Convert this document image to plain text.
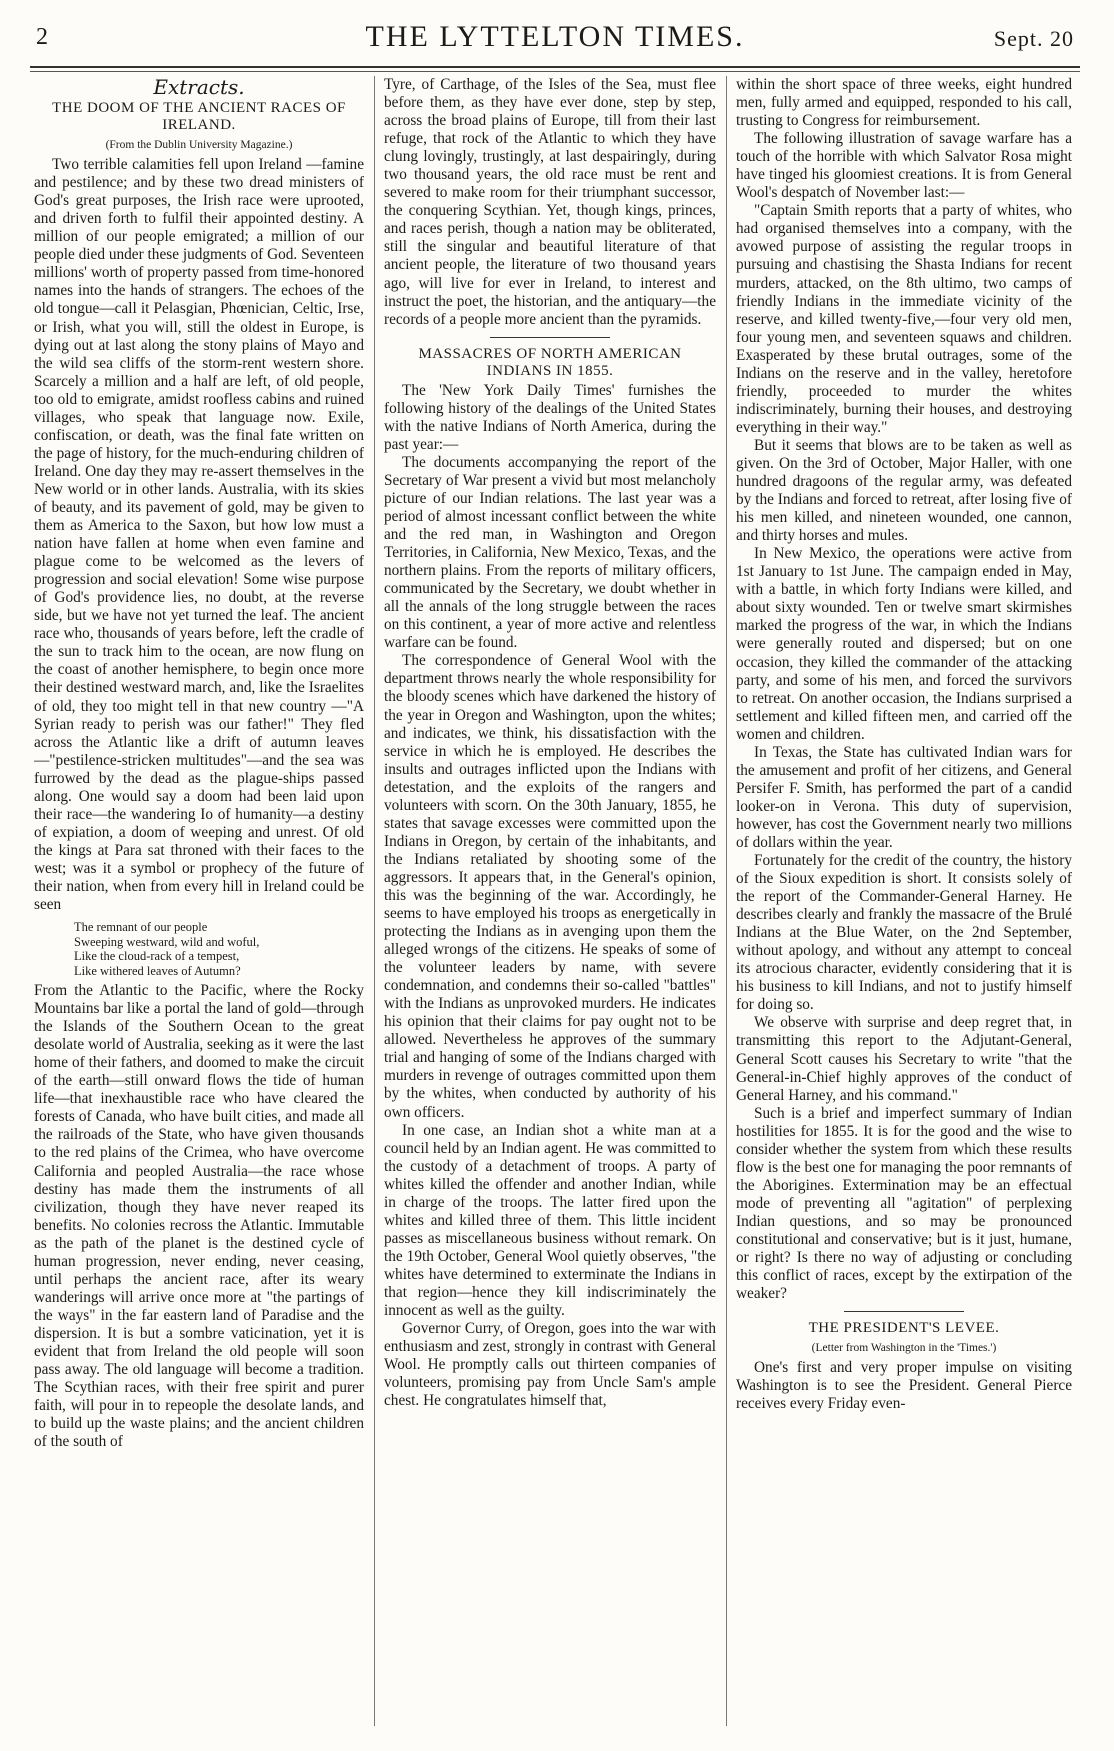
2	THE LYTTELTON TIMES.	Sept. 20
Extracts.
THE DOOM OF THE ANCIENT RACES OF IRELAND.
(From the Dublin University Magazine.)

Two terrible calamities fell upon Ireland —famine and pestilence; and by these two dread ministers of God's great purposes, the Irish race were uprooted, and driven forth to fulfil their appointed destiny. A million of our people emigrated; a million of our people died under these judgments of God. Seventeen millions' worth of property passed from time-honored names into the hands of strangers. The echoes of the old tongue—call it Pelasgian, Phœnician, Celtic, Irse, or Irish, what you will, still the oldest in Europe, is dying out at last along the stony plains of Mayo and the wild sea cliffs of the storm-rent western shore. Scarcely a million and a half are left, of old people, too old to emigrate, amidst roofless cabins and ruined villages, who speak that language now. Exile, confiscation, or death, was the final fate written on the page of history, for the much-enduring children of Ireland. One day they may re-assert themselves in the New world or in other lands. Australia, with its skies of beauty, and its pavement of gold, may be given to them as America to the Saxon, but how low must a nation have fallen at home when even famine and plague come to be welcomed as the levers of progression and social elevation! Some wise purpose of God's providence lies, no doubt, at the reverse side, but we have not yet turned the leaf. The ancient race who, thousands of years before, left the cradle of the sun to track him to the ocean, are now flung on the coast of another hemisphere, to begin once more their destined westward march, and, like the Israelites of old, they too might tell in that new country —"A Syrian ready to perish was our father!" They fled across the Atlantic like a drift of autumn leaves—"pestilence-stricken multitudes"—and the sea was furrowed by the dead as the plague-ships passed along. One would say a doom had been laid upon their race—the wandering Io of humanity—a destiny of expiation, a doom of weeping and unrest. Of old the kings at Para sat throned with their faces to the west; was it a symbol or prophecy of the future of their nation, when from every hill in Ireland could be seen

The remnant of our people
Sweeping westward, wild and woful,
Like the cloud-rack of a tempest,
Like withered leaves of Autumn?

From the Atlantic to the Pacific, where the Rocky Mountains bar like a portal the land of gold—through the Islands of the Southern Ocean to the great desolate world of Australia, seeking as it were the last home of their fathers, and doomed to make the circuit of the earth—still onward flows the tide of human life—that inexhaustible race who have cleared the forests of Canada, who have built cities, and made all the railroads of the State, who have given thousands to the red plains of the Crimea, who have overcome California and peopled Australia—the race whose destiny has made them the instruments of all civilization, though they have never reaped its benefits. No colonies recross the Atlantic. Immutable as the path of the planet is the destined cycle of human progression, never ending, never ceasing, until perhaps the ancient race, after its weary wanderings will arrive once more at "the partings of the ways" in the far eastern land of Paradise and the dispersion. It is but a sombre vaticination, yet it is evident that from Ireland the old people will soon pass away. The old language will become a tradition. The Scythian races, with their free spirit and purer faith, will pour in to repeople the desolate lands, and to build up the waste plains; and the ancient children of the south of

Tyre, of Carthage, of the Isles of the Sea, must flee before them, as they have ever done, step by step, across the broad plains of Europe, till from their last refuge, that rock of the Atlantic to which they have clung lovingly, trustingly, at last despairingly, during two thousand years, the old race must be rent and severed to make room for their triumphant successor, the conquering Scythian. Yet, though kings, princes, and races perish, though a nation may be obliterated, still the singular and beautiful literature of that ancient people, the literature of two thousand years ago, will live for ever in Ireland, to interest and instruct the poet, the historian, and the antiquary—the records of a people more ancient than the pyramids.

MASSACRES OF NORTH AMERICAN INDIANS IN 1855.

The 'New York Daily Times' furnishes the following history of the dealings of the United States with the native Indians of North America, during the past year:—

The documents accompanying the report of the Secretary of War present a vivid but most melancholy picture of our Indian relations. The last year was a period of almost incessant conflict between the white and the red man, in Washington and Oregon Territories, in California, New Mexico, Texas, and the northern plains. From the reports of military officers, communicated by the Secretary, we doubt whether in all the annals of the long struggle between the races on this continent, a year of more active and relentless warfare can be found.

The correspondence of General Wool with the department throws nearly the whole responsibility for the bloody scenes which have darkened the history of the year in Oregon and Washington, upon the whites; and indicates, we think, his dissatisfaction with the service in which he is employed. He describes the insults and outrages inflicted upon the Indians with detestation, and the exploits of the rangers and volunteers with scorn. On the 30th January, 1855, he states that savage excesses were committed upon the Indians in Oregon, by certain of the inhabitants, and the Indians retaliated by shooting some of the aggressors. It appears that, in the General's opinion, this was the beginning of the war. Accordingly, he seems to have employed his troops as energetically in protecting the Indians as in avenging upon them the alleged wrongs of the citizens. He speaks of some of the volunteer leaders by name, with severe condemnation, and condemns their so-called "battles" with the Indians as unprovoked murders. He indicates his opinion that their claims for pay ought not to be allowed. Nevertheless he approves of the summary trial and hanging of some of the Indians charged with murders in revenge of outrages committed upon them by the whites, when conducted by authority of his own officers.

In one case, an Indian shot a white man at a council held by an Indian agent. He was committed to the custody of a detachment of troops. A party of whites killed the offender and another Indian, while in charge of the troops. The latter fired upon the whites and killed three of them. This little incident passes as miscellaneous business without remark. On the 19th October, General Wool quietly observes, "the whites have determined to exterminate the Indians in that region—hence they kill indiscriminately the innocent as well as the guilty.

Governor Curry, of Oregon, goes into the war with enthusiasm and zest, strongly in contrast with General Wool. He promptly calls out thirteen companies of volunteers, promising pay from Uncle Sam's ample chest. He congratulates himself that,

within the short space of three weeks, eight hundred men, fully armed and equipped, responded to his call, trusting to Congress for reimbursement.

The following illustration of savage warfare has a touch of the horrible with which Salvator Rosa might have tinged his gloomiest creations. It is from General Wool's despatch of November last:—

"Captain Smith reports that a party of whites, who had organised themselves into a company, with the avowed purpose of assisting the regular troops in pursuing and chastising the Shasta Indians for recent murders, attacked, on the 8th ultimo, two camps of friendly Indians in the immediate vicinity of the reserve, and killed twenty-five,—four very old men, four young men, and seventeen squaws and children. Exasperated by these brutal outrages, some of the Indians on the reserve and in the valley, heretofore friendly, proceeded to murder the whites indiscriminately, burning their houses, and destroying everything in their way."

But it seems that blows are to be taken as well as given. On the 3rd of October, Major Haller, with one hundred dragoons of the regular army, was defeated by the Indians and forced to retreat, after losing five of his men killed, and nineteen wounded, one cannon, and thirty horses and mules.

In New Mexico, the operations were active from 1st January to 1st June. The campaign ended in May, with a battle, in which forty Indians were killed, and about sixty wounded. Ten or twelve smart skirmishes marked the progress of the war, in which the Indians were generally routed and dispersed; but on one occasion, they killed the commander of the attacking party, and some of his men, and forced the survivors to retreat. On another occasion, the Indians surprised a settlement and killed fifteen men, and carried off the women and children.

In Texas, the State has cultivated Indian wars for the amusement and profit of her citizens, and General Persifer F. Smith, has performed the part of a candid looker-on in Verona. This duty of supervision, however, has cost the Government nearly two millions of dollars within the year.

Fortunately for the credit of the country, the history of the Sioux expedition is short. It consists solely of the report of the Commander-General Harney. He describes clearly and frankly the massacre of the Brulé Indians at the Blue Water, on the 2nd September, without apology, and without any attempt to conceal its atrocious character, evidently considering that it is his business to kill Indians, and not to justify himself for doing so.

We observe with surprise and deep regret that, in transmitting this report to the Adjutant-General, General Scott causes his Secretary to write "that the General-in-Chief highly approves of the conduct of General Harney, and his command."

Such is a brief and imperfect summary of Indian hostilities for 1855. It is for the good and the wise to consider whether the system from which these results flow is the best one for managing the poor remnants of the Aborigines. Extermination may be an effectual mode of preventing all "agitation" of perplexing Indian questions, and so may be pronounced constitutional and conservative; but is it just, humane, or right? Is there no way of adjusting or concluding this conflict of races, except by the extirpation of the weaker?

THE PRESIDENT'S LEVEE.
(Letter from Washington in the 'Times.')

One's first and very proper impulse on visiting Washington is to see the President. General Pierce receives every Friday even-
